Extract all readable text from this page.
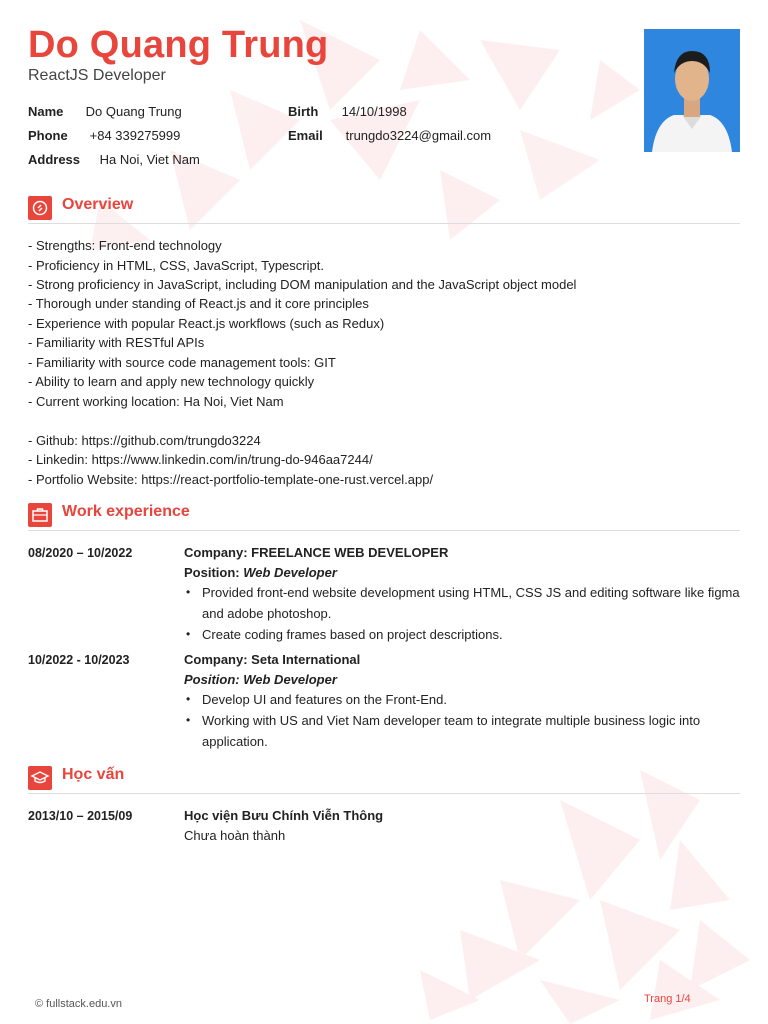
Do Quang Trung
ReactJS Developer
Name Do Quang Trung	Birth 14/10/1998
Phone +84 339275999	Email trungdo3224@gmail.com
Address Ha Noi, Viet Nam
Overview
- Strengths: Front-end technology
- Proficiency in HTML, CSS, JavaScript, Typescript.
- Strong proficiency in JavaScript, including DOM manipulation and the JavaScript object model
- Thorough under standing of React.js and it core principles
- Experience with popular React.js workflows (such as Redux)
- Familiarity with RESTful APIs
- Familiarity with source code management tools: GIT
- Ability to learn and apply new technology quickly
- Current working location: Ha Noi, Viet Nam
- Github: https://github.com/trungdo3224
- Linkedin: https://www.linkedin.com/in/trung-do-946aa7244/
- Portfolio Website: https://react-portfolio-template-one-rust.vercel.app/
Work experience
08/2020 – 10/2022	Company: FREELANCE WEB DEVELOPER
Position: Web Developer
• Provided front-end website development using HTML, CSS JS and editing software like figma and adobe photoshop.
• Create coding frames based on project descriptions.
10/2022 - 10/2023	Company: Seta International
Position: Web Developer
• Develop UI and features on the Front-End.
• Working with US and Viet Nam developer team to integrate multiple business logic into application.
Học vấn
2013/10 – 2015/09	Học viện Bưu Chính Viễn Thông
Chưa hoàn thành
© fullstack.edu.vn	Trang 1/4
